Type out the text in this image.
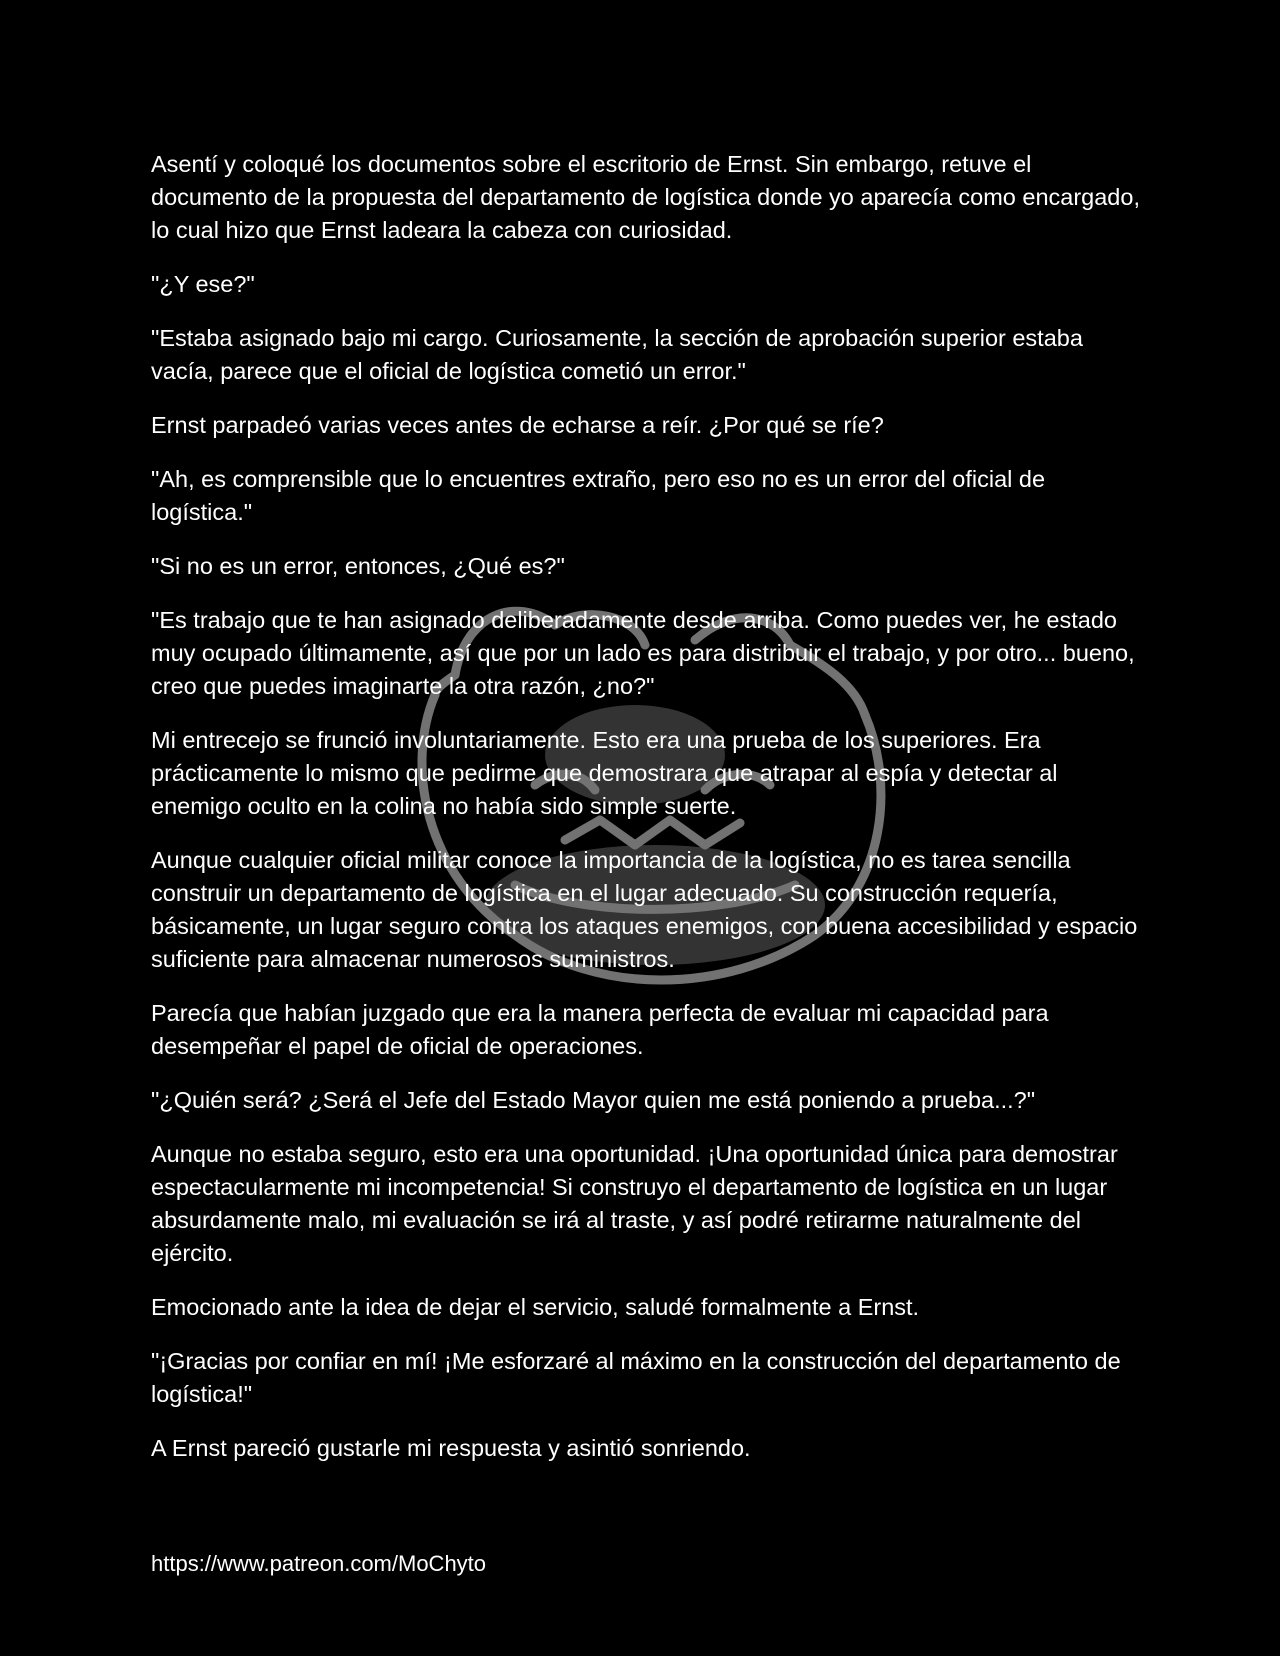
Asentí y coloqué los documentos sobre el escritorio de Ernst. Sin embargo, retuve el documento de la propuesta del departamento de logística donde yo aparecía como encargado, lo cual hizo que Ernst ladeara la cabeza con curiosidad.

"¿Y ese?"

"Estaba asignado bajo mi cargo. Curiosamente, la sección de aprobación superior estaba vacía, parece que el oficial de logística cometió un error."

Ernst parpadeó varias veces antes de echarse a reír. ¿Por qué se ríe?

"Ah, es comprensible que lo encuentres extraño, pero eso no es un error del oficial de logística."

"Si no es un error, entonces, ¿Qué es?"

"Es trabajo que te han asignado deliberadamente desde arriba. Como puedes ver, he estado muy ocupado últimamente, así que por un lado es para distribuir el trabajo, y por otro... bueno, creo que puedes imaginarte la otra razón, ¿no?"

Mi entrecejo se frunció involuntariamente. Esto era una prueba de los superiores. Era prácticamente lo mismo que pedirme que demostrara que atrapar al espía y detectar al enemigo oculto en la colina no había sido simple suerte.

Aunque cualquier oficial militar conoce la importancia de la logística, no es tarea sencilla construir un departamento de logística en el lugar adecuado. Su construcción requería, básicamente, un lugar seguro contra los ataques enemigos, con buena accesibilidad y espacio suficiente para almacenar numerosos suministros.

Parecía que habían juzgado que era la manera perfecta de evaluar mi capacidad para desempeñar el papel de oficial de operaciones.

"¿Quién será? ¿Será el Jefe del Estado Mayor quien me está poniendo a prueba...?"

Aunque no estaba seguro, esto era una oportunidad. ¡Una oportunidad única para demostrar espectacularmente mi incompetencia! Si construyo el departamento de logística en un lugar absurdamente malo, mi evaluación se irá al traste, y así podré retirarme naturalmente del ejército.

Emocionado ante la idea de dejar el servicio, saludé formalmente a Ernst.

"¡Gracias por confiar en mí! ¡Me esforzaré al máximo en la construcción del departamento de logística!"

A Ernst pareció gustarle mi respuesta y asintió sonriendo.

https://www.patreon.com/MoChyto
